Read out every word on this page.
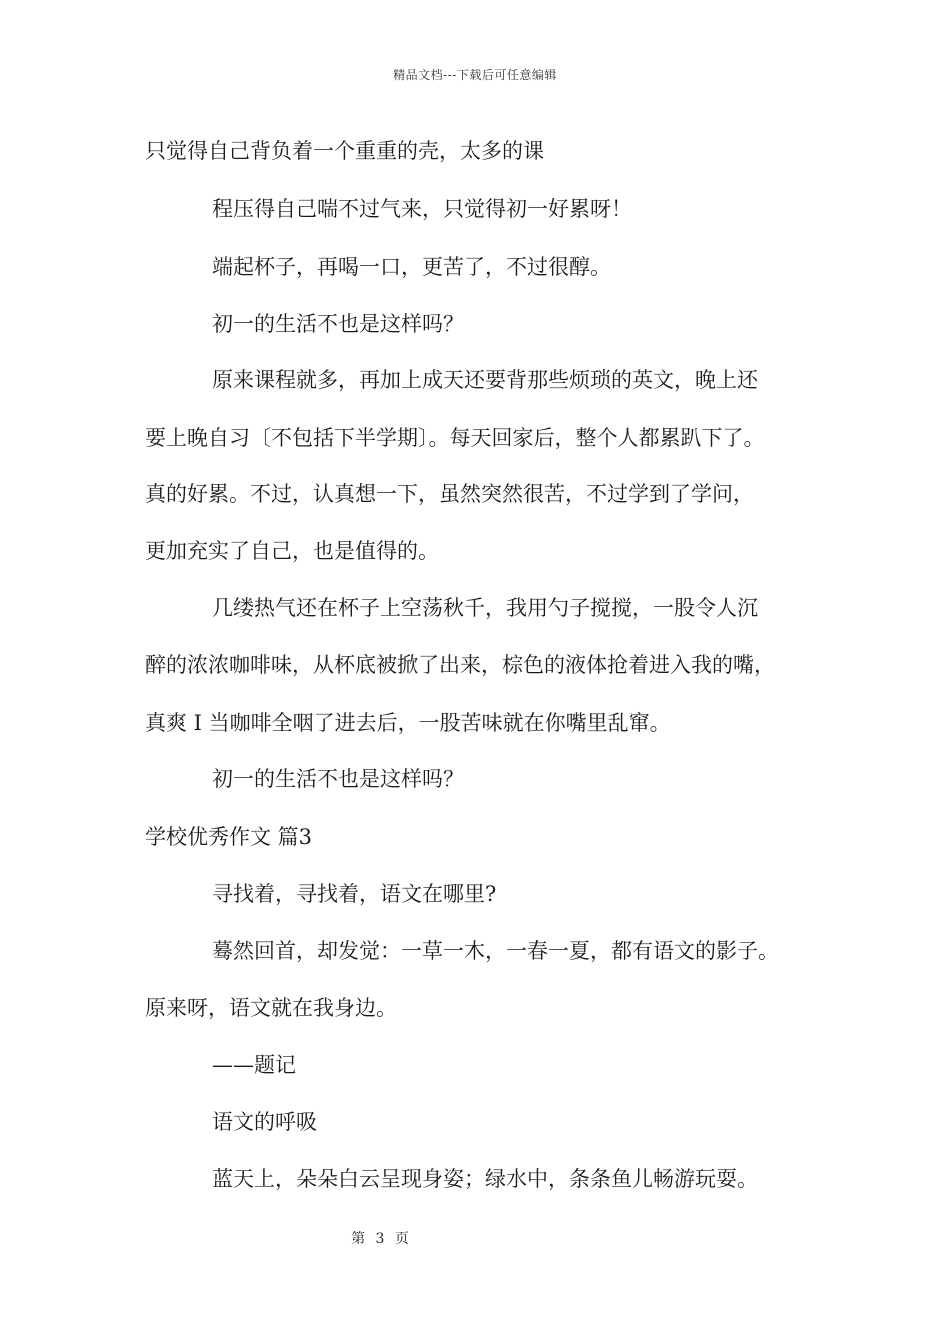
精品文档---下载后可任意编辑
只觉得自己背负着一个重重的壳，太多的课
程压得自己喘不过气来，只觉得初一好累呀！
端起杯子，再喝一口，更苦了，不过很醇。
初一的生活不也是这样吗？
原来课程就多，再加上成天还要背那些烦琐的英文，晚上还
要上晚自习〔不包括下半学期〕。每天回家后，整个人都累趴下了。
真的好累。不过，认真想一下，虽然突然很苦，不过学到了学问，
更加充实了自己，也是值得的。
几缕热气还在杯子上空荡秋千，我用勺子搅搅，一股令人沉
醉的浓浓咖啡味，从杯底被掀了出来，棕色的液体抢着进入我的嘴，
真爽 I 当咖啡全咽了进去后，一股苦味就在你嘴里乱窜。
初一的生活不也是这样吗？
学校优秀作文 篇3
寻找着，寻找着，语文在哪里?
蓦然回首，却发觉：一草一木，一春一夏，都有语文的影子。
原来呀，语文就在我身边。
——题记
语文的呼吸
蓝天上，朵朵白云呈现身姿；绿水中，条条鱼儿畅游玩耍。
第 3 页
